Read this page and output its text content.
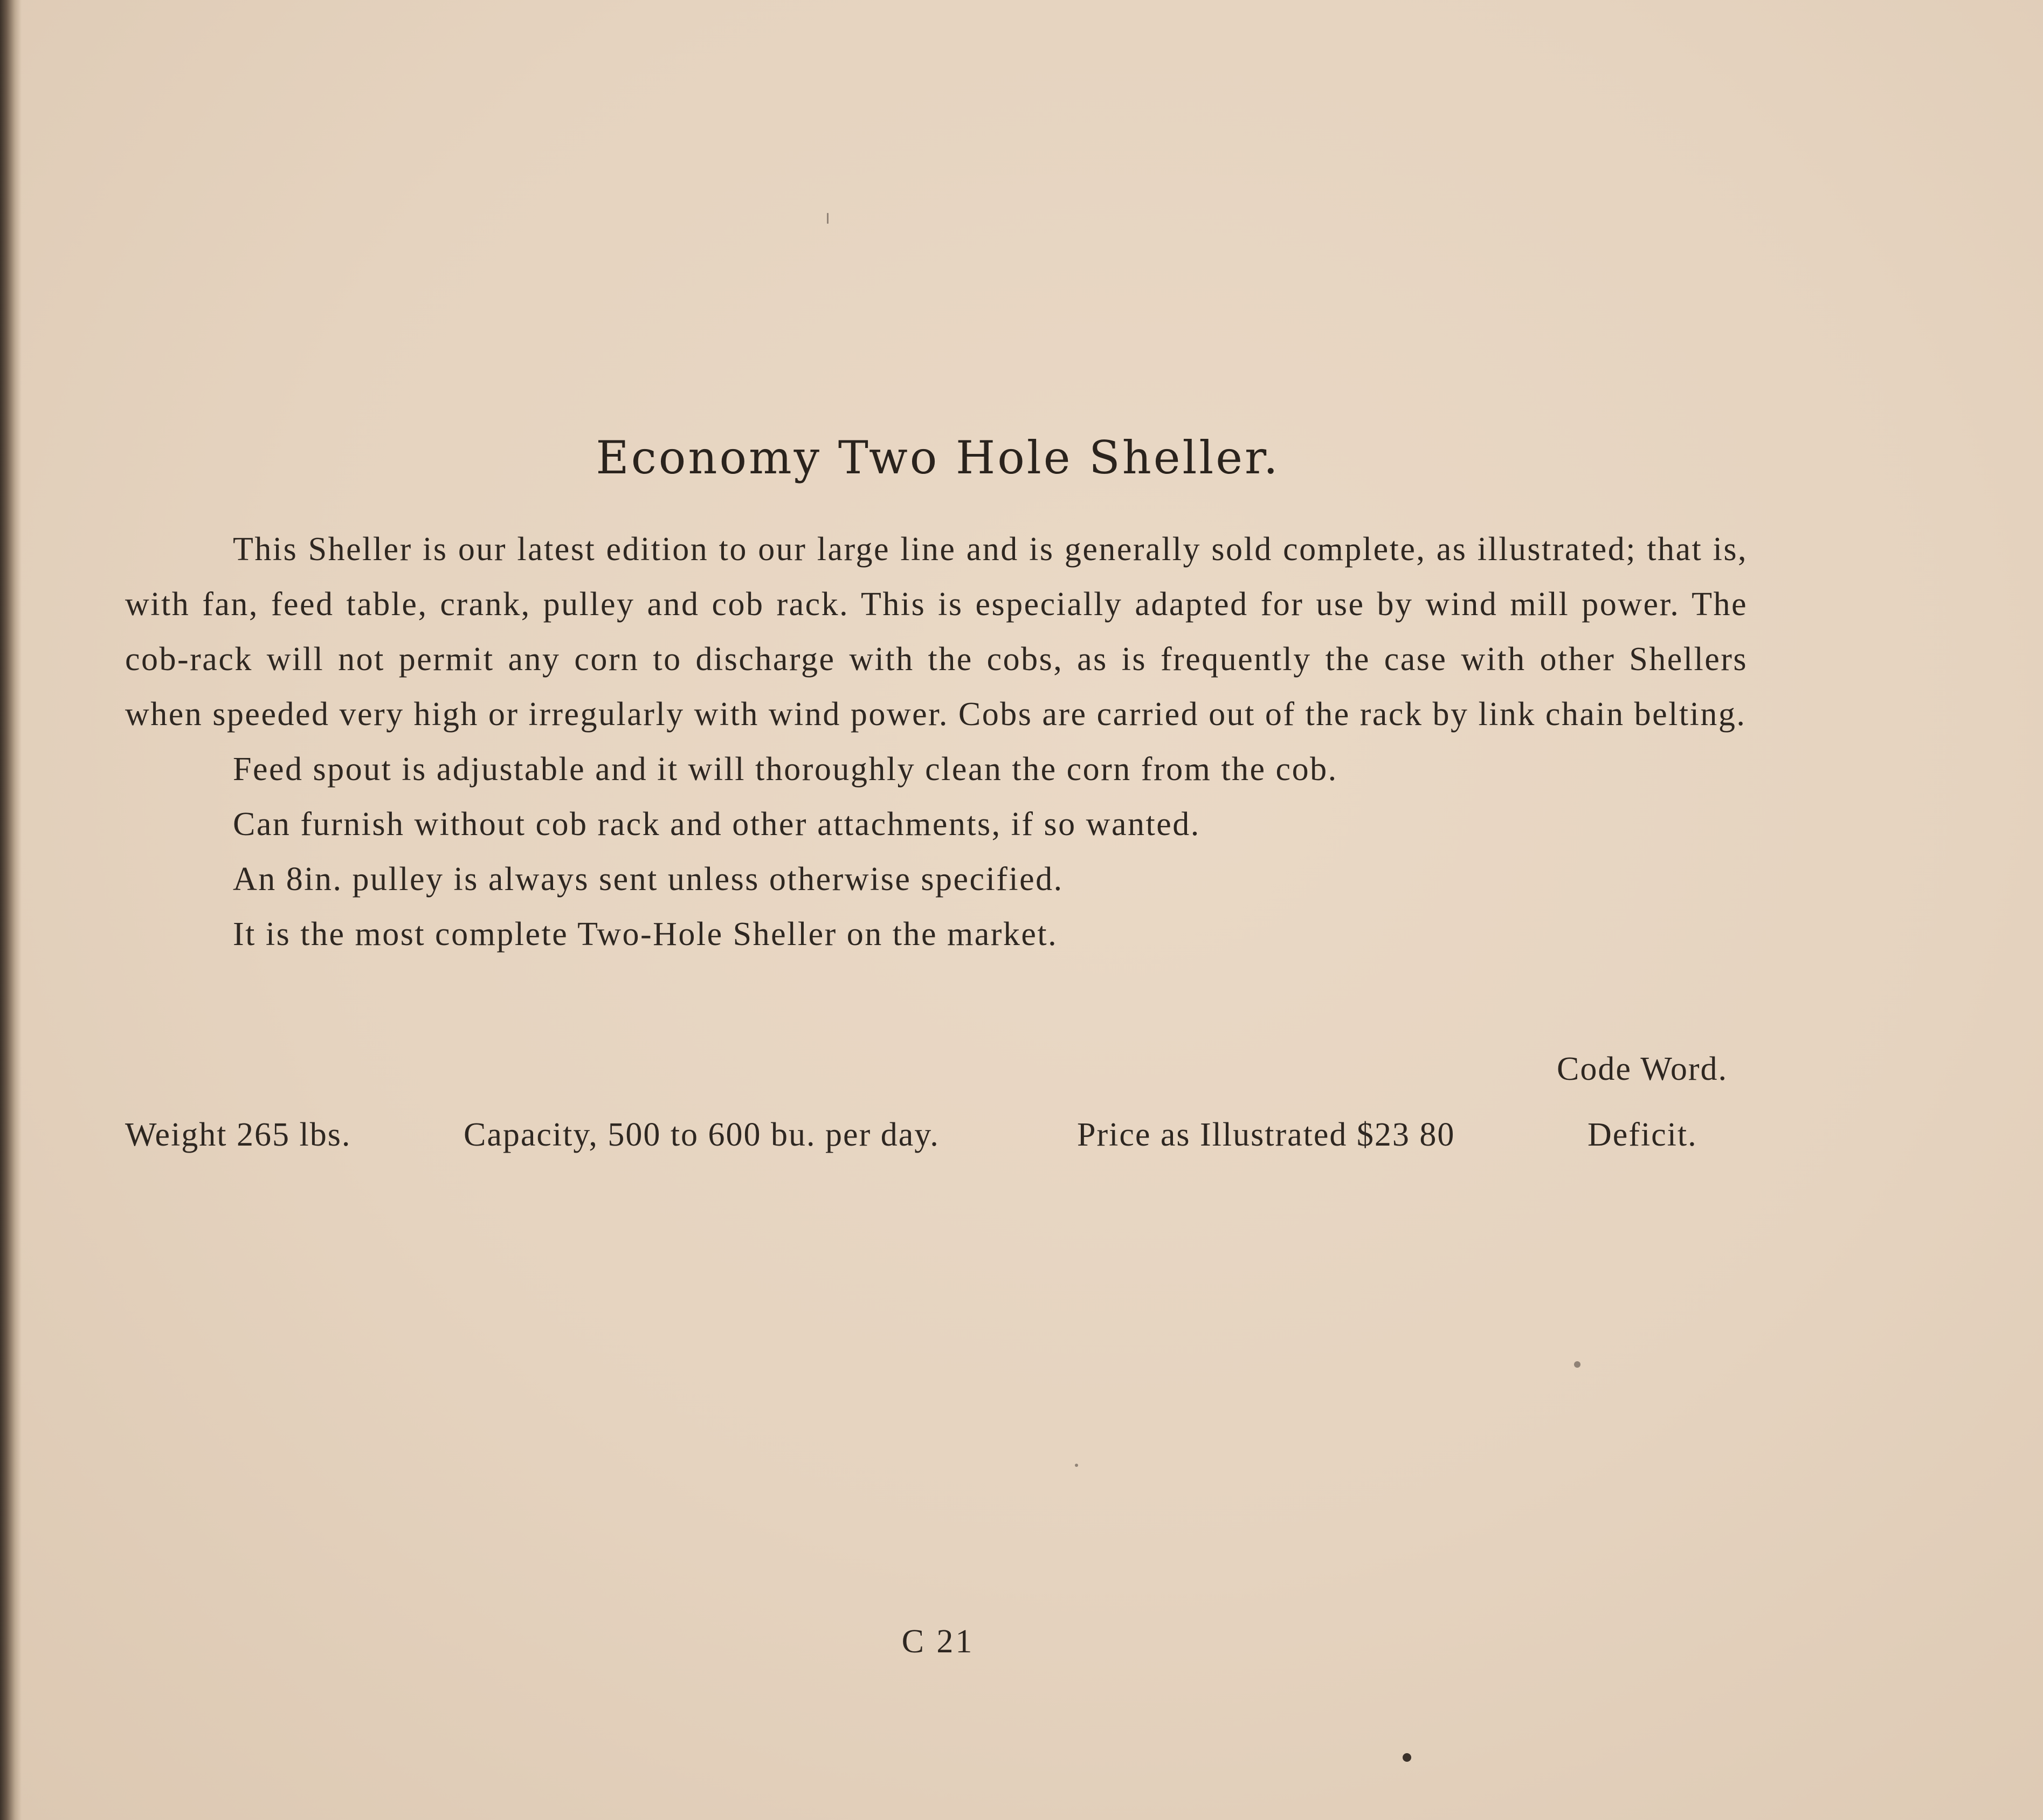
Economy Two Hole Sheller.

This Sheller is our latest edition to our large line and is generally sold complete, as illustrated; that is, with fan, feed table, crank, pulley and cob rack. This is especially adapted for use by wind mill power. The cob-rack will not permit any corn to discharge with the cobs, as is frequently the case with other Shellers when speeded very high or irregularly with wind power. Cobs are carried out of the rack by link chain belting.

Feed spout is adjustable and it will thoroughly clean the corn from the cob.

Can furnish without cob rack and other attachments, if so wanted.

An 8in. pulley is always sent unless otherwise specified.

It is the most complete Two-Hole Sheller on the market.

Code Word.
Weight 265 lbs.	Capacity, 500 to 600 bu. per day.	Price as Illustrated $23 80	Deficit.
C 21
